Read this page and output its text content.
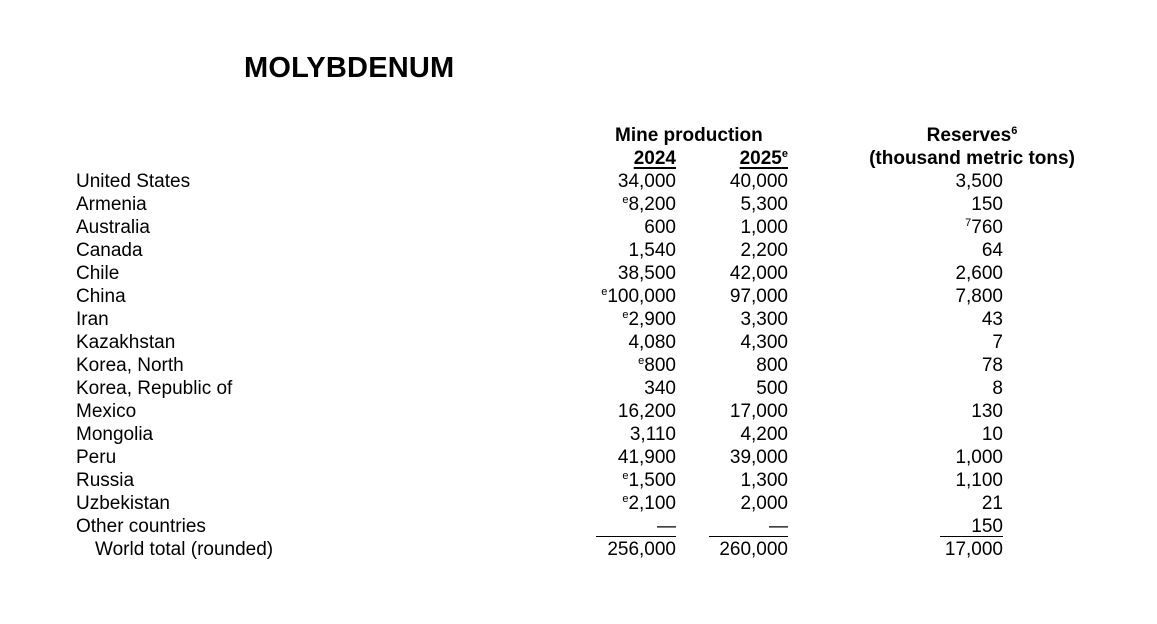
MOLYBDENUM
Mine production
2024	2025e
Reserves$^6$
(thousand metric tons)
United States	34,000	40,000	3,500
Armenia	$^e$8,200	5,300	150
Australia	600	1,000	$^7$760
Canada	1,540	2,200	64
Chile	38,500	42,000	2,600
China	$^e$100,000	97,000	7,800
Iran	$^e$2,900	3,300	43
Kazakhstan	4,080	4,300	7
Korea, North	$^e$800	800	78
Korea, Republic of	340	500	8
Mexico	16,200	17,000	130
Mongolia	3,110	4,200	10
Peru	41,900	39,000	1,000
Russia	$^e$1,500	1,300	1,100
Uzbekistan	$^e$2,100	2,000	21
Other countries	—	—	150
World total (rounded)	256,000	260,000	17,000
